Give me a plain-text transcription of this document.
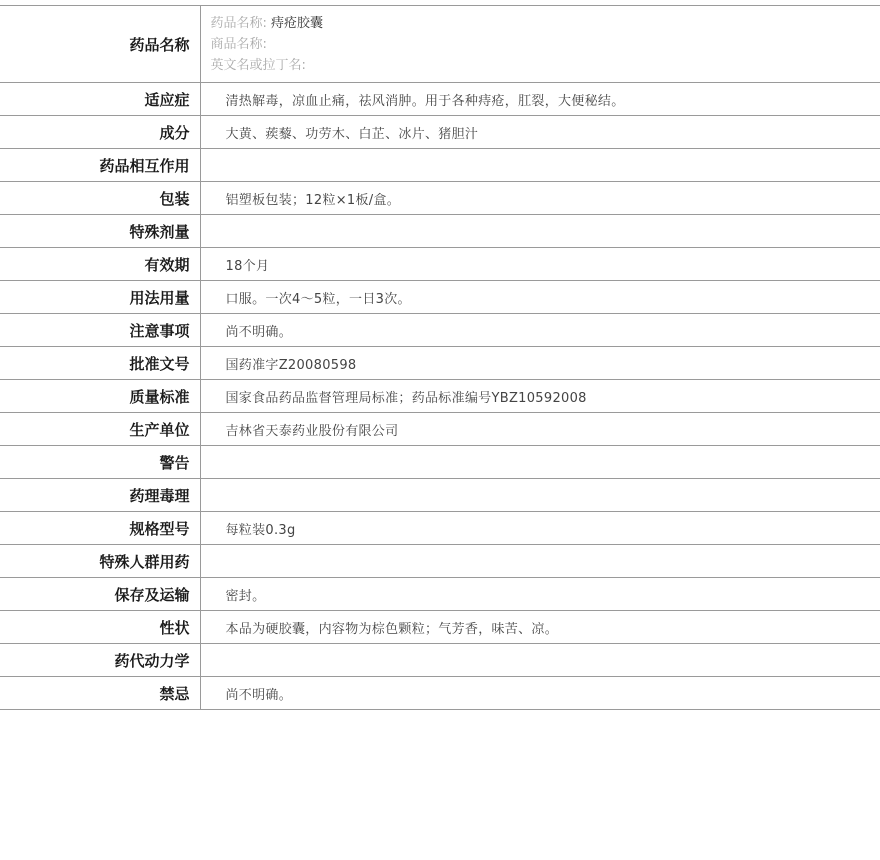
药品名称	药品名称: 痔疮胶囊
商品名称:
英文名或拉丁名:

适应症	清热解毒，凉血止痛，祛风消肿。用于各种痔疮，肛裂，大便秘结。
成分	大黄、蒺藜、功劳木、白芷、冰片、猪胆汁
药品相互作用	
包装	铝塑板包装；12粒×1板/盒。
特殊剂量	
有效期	18个月
用法用量	口服。一次4～5粒，一日3次。
注意事项	尚不明确。
批准文号	国药准字Z20080598
质量标准	国家食品药品监督管理局标准；药品标准编号YBZ10592008
生产单位	吉林省天泰药业股份有限公司
警告	
药理毒理	
规格型号	每粒装0.3g
特殊人群用药	
保存及运输	密封。
性状	本品为硬胶囊，内容物为棕色颗粒；气芳香，味苦、凉。
药代动力学	
禁忌	尚不明确。
